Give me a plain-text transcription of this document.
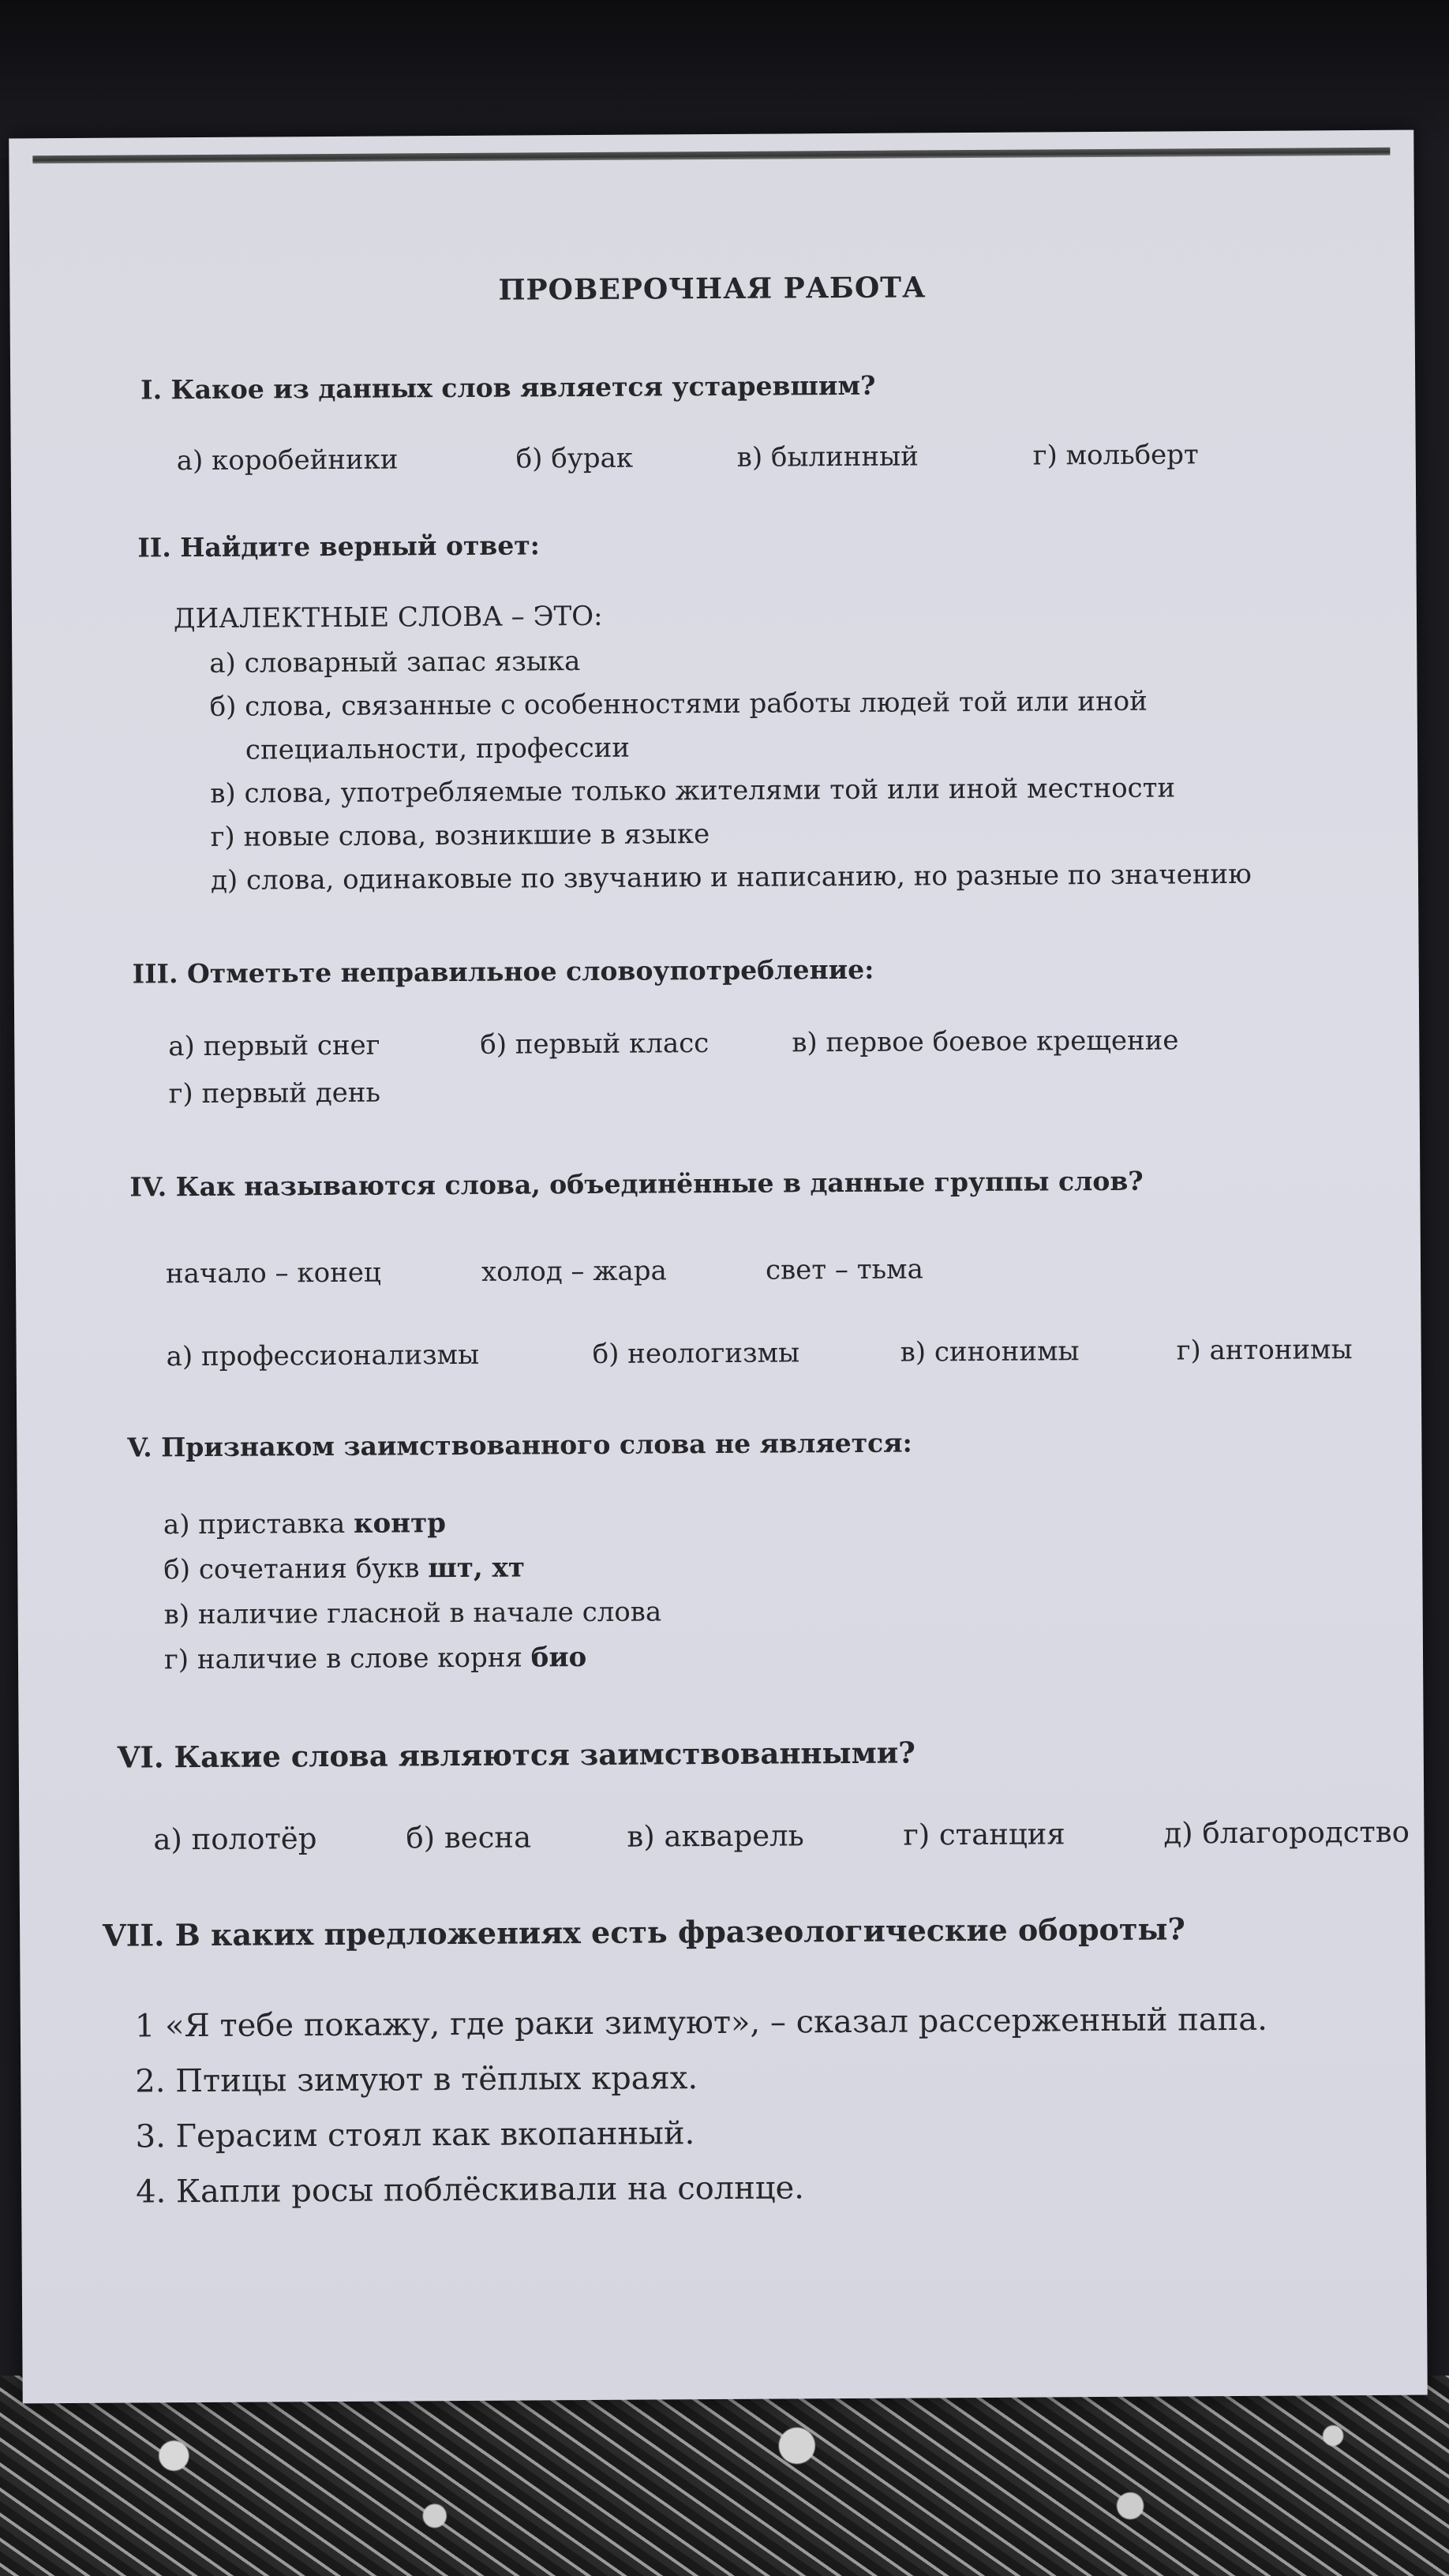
ПРОВЕРОЧНАЯ РАБОТА
I. Какое из данных слов является устаревшим?
а) коробейники	б) бурак	в) былинный	г) мольберт
II. Найдите верный ответ:
ДИАЛЕКТНЫЕ СЛОВА – ЭТО:
а) словарный запас языка
б) слова, связанные с особенностями работы людей той или иной
специальности, профессии
в) слова, употребляемые только жителями той или иной местности
г) новые слова, возникшие в языке
д) слова, одинаковые по звучанию и написанию, но разные по значению
III. Отметьте неправильное словоупотребление:
а) первый снег	б) первый класс	в) первое боевое крещение
г) первый день
IV. Как называются слова, объединённые в данные группы слов?
начало – конец	холод – жара	свет – тьма
а) профессионализмы	б) неологизмы	в) синонимы	г) антонимы
V. Признаком заимствованного слова не является:
а) приставка контр
б) сочетания букв шт, хт
в) наличие гласной в начале слова
г) наличие в слове корня био
VI. Какие слова являются заимствованными?
а) полотёр	б) весна	в) акварель	г) станция	д) благородство
VII. В каких предложениях есть фразеологические обороты?
1 «Я тебе покажу, где раки зимуют», – сказал рассерженный папа.
2. Птицы зимуют в тёплых краях.
3. Герасим стоял как вкопанный.
4. Капли росы поблёскивали на солнце.
